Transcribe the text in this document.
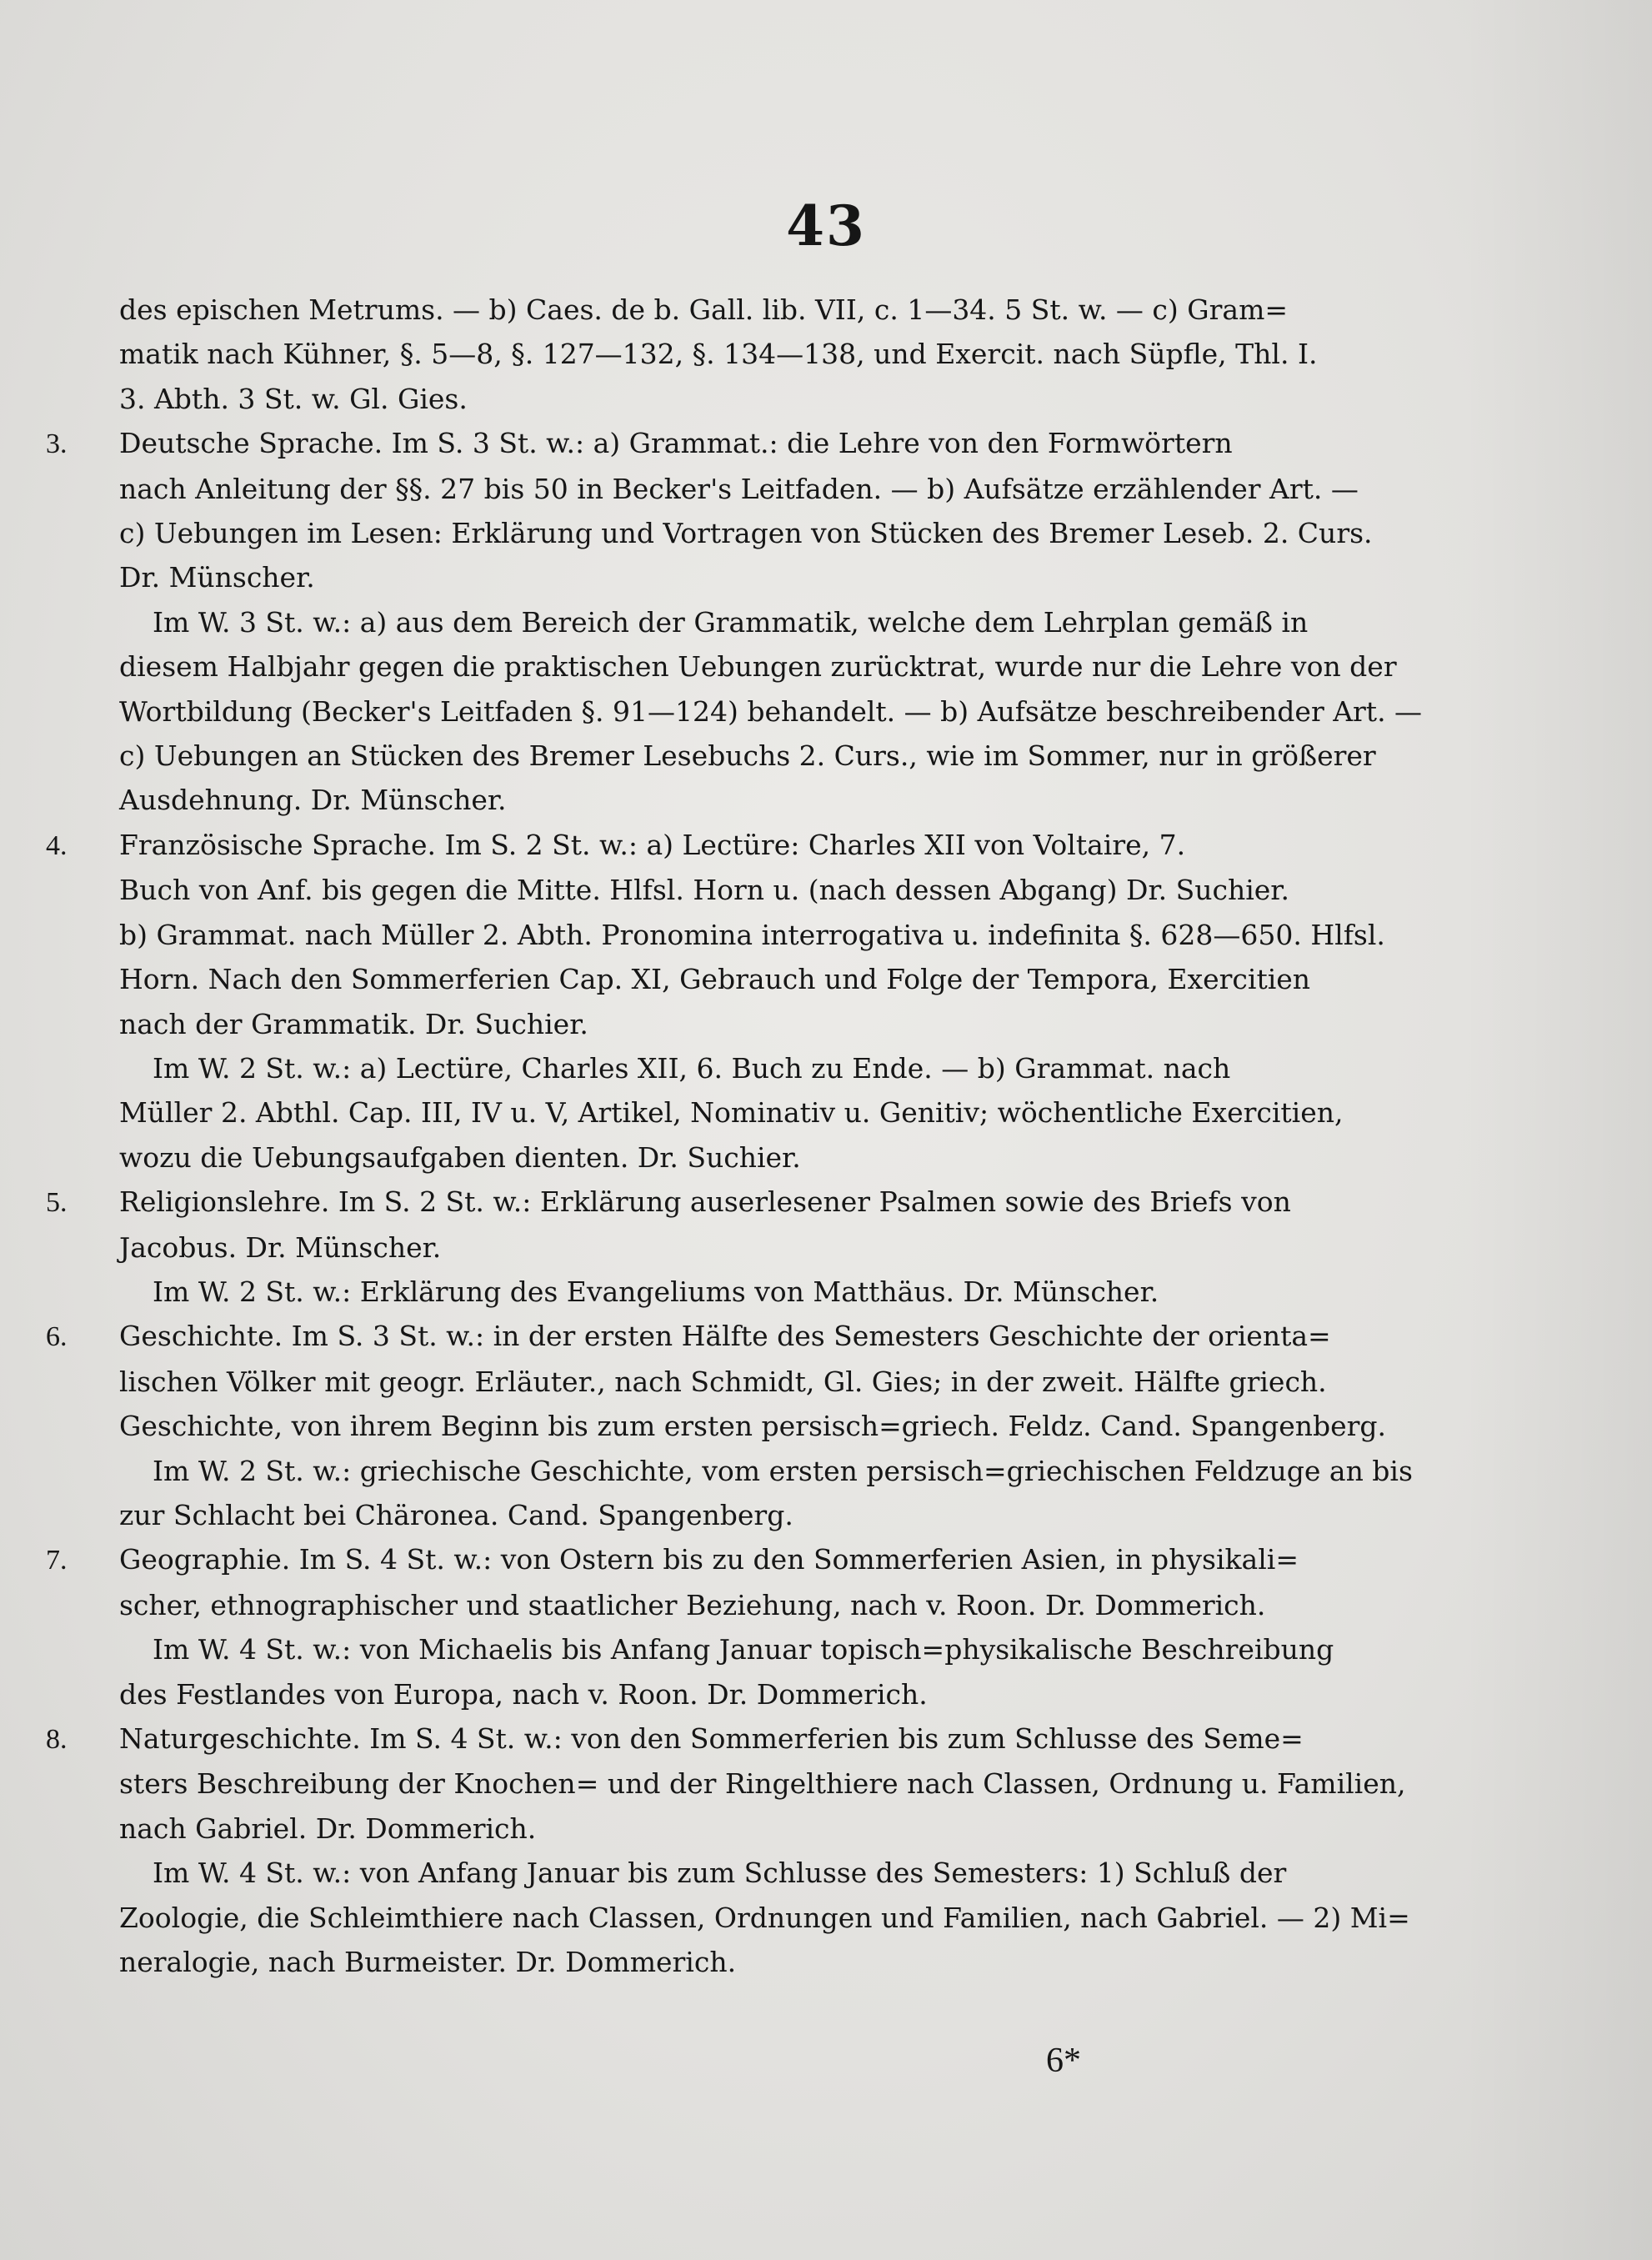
43

des epischen Metrums. — b) Caes. de b. Gall. lib. VII, c. 1—34. 5 St. w. — c) Gram=

matik nach Kühner, §. 5—8, §. 127—132, §. 134—138, und Exercit. nach Süpfle, Thl. I.

3. Abth. 3 St. w. Gl. Gies.

3. Deutsche Sprache. Im S. 3 St. w.: a) Grammat.: die Lehre von den Formwörtern

nach Anleitung der §§. 27 bis 50 in Becker's Leitfaden. — b) Aufsätze erzählender Art. —

c) Uebungen im Lesen: Erklärung und Vortragen von Stücken des Bremer Leseb. 2. Curs.

Dr. Münscher.

Im W. 3 St. w.: a) aus dem Bereich der Grammatik, welche dem Lehrplan gemäß in

diesem Halbjahr gegen die praktischen Uebungen zurücktrat, wurde nur die Lehre von der

Wortbildung (Becker's Leitfaden §. 91—124) behandelt. — b) Aufsätze beschreibender Art. —

c) Uebungen an Stücken des Bremer Lesebuchs 2. Curs., wie im Sommer, nur in größerer

Ausdehnung. Dr. Münscher.

4. Französische Sprache. Im S. 2 St. w.: a) Lectüre: Charles XII von Voltaire, 7.

Buch von Anf. bis gegen die Mitte. Hlfsl. Horn u. (nach dessen Abgang) Dr. Suchier.

b) Grammat. nach Müller 2. Abth. Pronomina interrogativa u. indefinita §. 628—650. Hlfsl.

Horn. Nach den Sommerferien Cap. XI, Gebrauch und Folge der Tempora, Exercitien

nach der Grammatik. Dr. Suchier.

Im W. 2 St. w.: a) Lectüre, Charles XII, 6. Buch zu Ende. — b) Grammat. nach

Müller 2. Abthl. Cap. III, IV u. V, Artikel, Nominativ u. Genitiv; wöchentliche Exercitien,

wozu die Uebungsaufgaben dienten. Dr. Suchier.

5. Religionslehre. Im S. 2 St. w.: Erklärung auserlesener Psalmen sowie des Briefs von

Jacobus. Dr. Münscher.

Im W. 2 St. w.: Erklärung des Evangeliums von Matthäus. Dr. Münscher.

6. Geschichte. Im S. 3 St. w.: in der ersten Hälfte des Semesters Geschichte der orienta=

lischen Völker mit geogr. Erläuter., nach Schmidt, Gl. Gies; in der zweit. Hälfte griech.

Geschichte, von ihrem Beginn bis zum ersten persisch=griech. Feldz. Cand. Spangenberg.

Im W. 2 St. w.: griechische Geschichte, vom ersten persisch=griechischen Feldzuge an bis

zur Schlacht bei Chäronea. Cand. Spangenberg.

7. Geographie. Im S. 4 St. w.: von Ostern bis zu den Sommerferien Asien, in physikali=

scher, ethnographischer und staatlicher Beziehung, nach v. Roon. Dr. Dommerich.

Im W. 4 St. w.: von Michaelis bis Anfang Januar topisch=physikalische Beschreibung

des Festlandes von Europa, nach v. Roon. Dr. Dommerich.

8. Naturgeschichte. Im S. 4 St. w.: von den Sommerferien bis zum Schlusse des Seme=

sters Beschreibung der Knochen= und der Ringelthiere nach Classen, Ordnung u. Familien,

nach Gabriel. Dr. Dommerich.

Im W. 4 St. w.: von Anfang Januar bis zum Schlusse des Semesters: 1) Schluß der

Zoologie, die Schleimthiere nach Classen, Ordnungen und Familien, nach Gabriel. — 2) Mi=

neralogie, nach Burmeister. Dr. Dommerich.

6*
